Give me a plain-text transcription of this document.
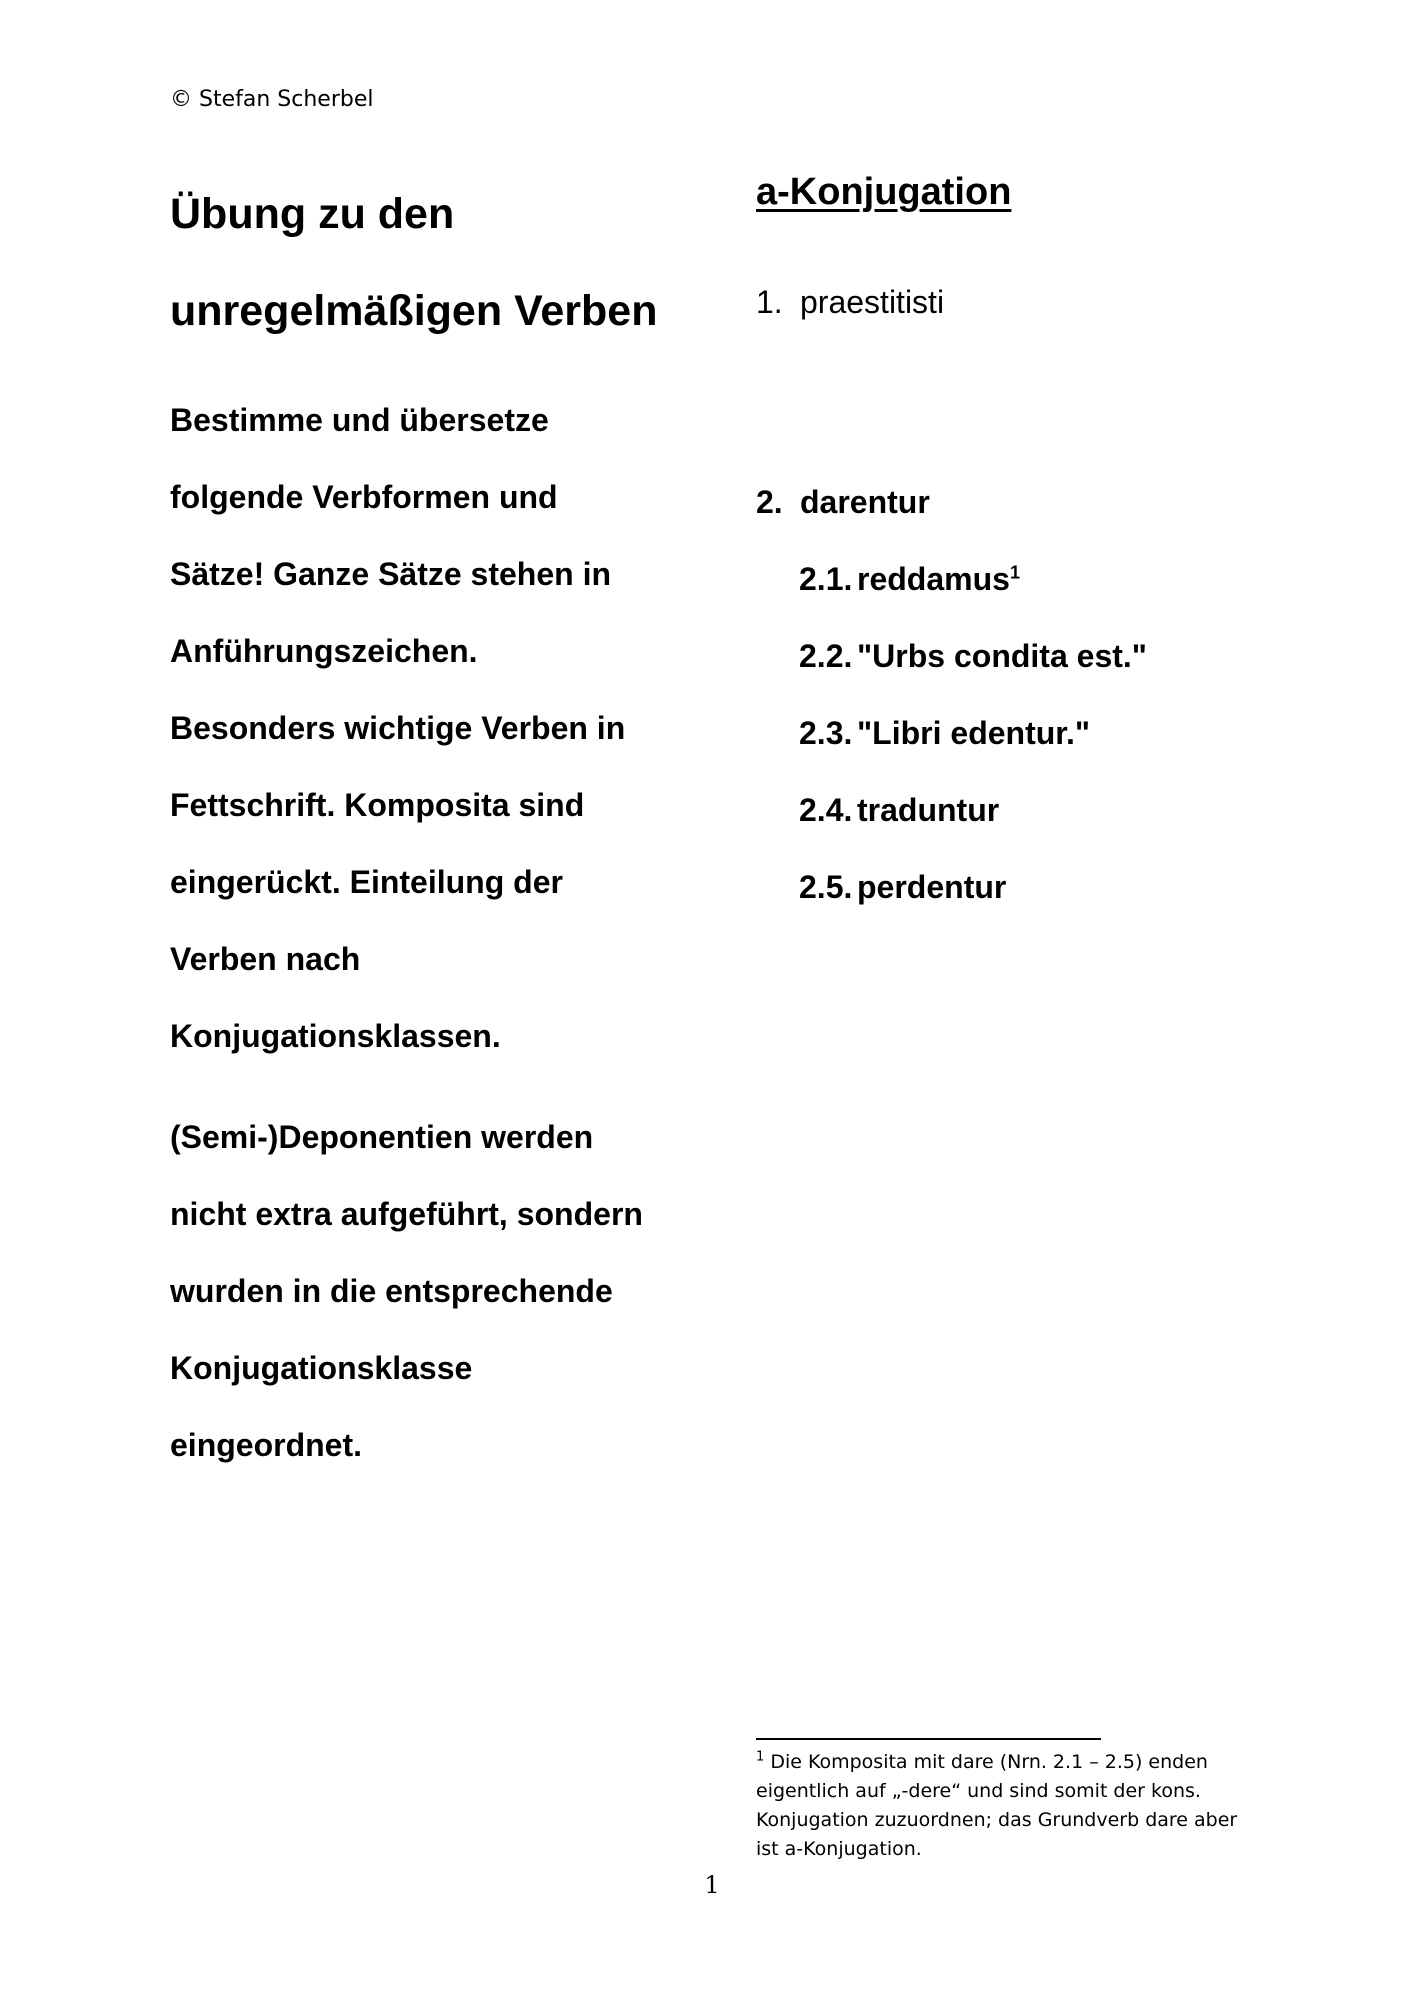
© Stefan Scherbel
Übung zu den
unregelmäßigen Verben
Bestimme und übersetze
folgende Verbformen und
Sätze! Ganze Sätze stehen in
Anführungszeichen.
Besonders wichtige Verben in
Fettschrift. Komposita sind
eingerückt. Einteilung der
Verben nach
Konjugationsklassen.
(Semi-)Deponentien werden
nicht extra aufgeführt, sondern
wurden in die entsprechende
Konjugationsklasse
eingeordnet.
a-Konjugation
1. praestitisti
2. darentur
2.1. reddamus$^1$
2.2. "Urbs condita est."
2.3. "Libri edentur."
2.4. traduntur
2.5. perdentur
$^1$ Die Komposita mit dare (Nrn. 2.1 – 2.5) enden
eigentlich auf „-dere“ und sind somit der kons.
Konjugation zuzuordnen; das Grundverb dare aber
ist a-Konjugation.
1
